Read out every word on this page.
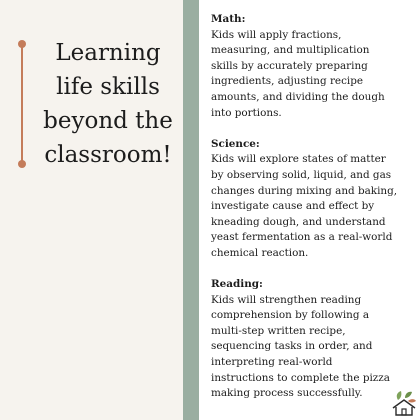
Learning
life skills
beyond the
classroom!
Math:
Kids will apply fractions,
measuring, and multiplication
skills by accurately preparing
ingredients, adjusting recipe
amounts, and dividing the dough
into portions.
Science:
Kids will explore states of matter
by observing solid, liquid, and gas
changes during mixing and baking,
investigate cause and effect by
kneading dough, and understand
yeast fermentation as a real-world
chemical reaction.
Reading:
Kids will strengthen reading
comprehension by following a
multi-step written recipe,
sequencing tasks in order, and
interpreting real-world
instructions to complete the pizza
making process successfully.
